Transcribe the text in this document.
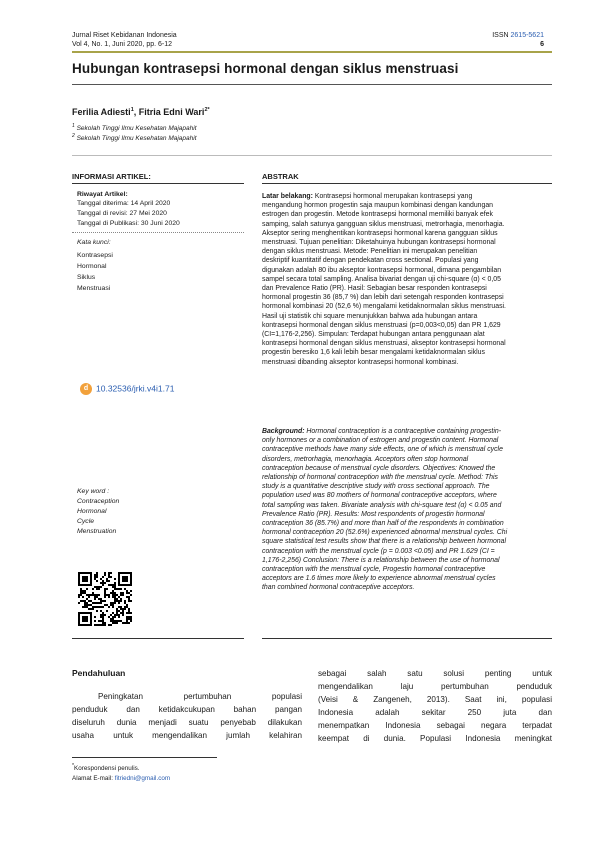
Jurnal Riset Kebidanan Indonesia
Vol 4, No. 1, Juni 2020, pp. 6-12
ISSN 2615-5621
6
Hubungan kontrasepsi hormonal dengan siklus menstruasi
Ferilia Adiesti$^1$, Fitria Edni Wari$^{2*}$
$^1$ Sekolah Tinggi Ilmu Kesehatan Majapahit
$^2$ Sekolah Tinggi Ilmu Kesehatan Majapahit
INFORMASI ARTIKEL:	ABSTRAK
Riwayat Artikel:
Tanggal diterima: 14 April 2020
Tanggal di revisi: 27 Mei 2020
Tanggal di Publikasi: 30 Juni 2020
Kata kunci:
Kontrasepsi
Hormonal
Siklus
Menstruasi
d 10.32536/jrki.v4i1.71
Key word :
Contraception
Hormonal
Cycle
Menstruation
Latar belakang: Kontrasepsi hormonal merupakan kontrasepsi yang
mengandung hormon progestin saja maupun kombinasi dengan kandungan
estrogen dan progestin. Metode kontrasepsi hormonal memiliki banyak efek
samping, salah satunya gangguan siklus menstruasi, metrorhagia, menorhagia.
Akseptor sering menghentikan kontrasepsi hormonal karena gangguan siklus
menstruasi. Tujuan penelitian: Diketahuinya hubungan kontrasepsi hormonal
dengan siklus menstruasi. Metode: Penelitian ini merupakan penelitian
deskriptif kuantitatif dengan pendekatan cross sectional. Populasi yang
digunakan adalah 80 ibu akseptor kontrasepsi hormonal, dimana pengambilan
sampel secara total sampling. Analisa bivariat dengan uji chi-square (α) < 0,05
dan Prevalence Ratio (PR). Hasil: Sebagian besar responden kontrasepsi
hormonal progestin 36 (85,7 %) dan lebih dari setengah responden kontrasepsi
hormonal kombinasi 20 (52,6 %) mengalami ketidaknormalan siklus menstruasi.
Hasil uji statistik chi square menunjukkan bahwa ada hubungan antara
kontrasepsi hormonal dengan siklus menstruasi (p=0,003<0,05) dan PR 1,629
(CI=1,176-2,256). Simpulan: Terdapat hubungan antara penggunaan alat
kontrasepsi hormonal dengan siklus menstruasi, akseptor kontrasepsi hormonal
progestin beresiko 1,6 kali lebih besar mengalami ketidaknormalan siklus
menstruasi dibanding akseptor kontrasepsi hormonal kombinasi.
Background: Hormonal contraception is a contraceptive containing progestin-
only hormones or a combination of estrogen and progestin content. Hormonal
contraceptive methods have many side effects, one of which is menstrual cycle
disorders, metrorhagia, menorhagia. Acceptors often stop hormonal
contraception because of menstrual cycle disorders. Objectives: Knowed the
relationship of hormonal contraception with the menstrual cycle. Method: This
study is a quantitative descriptive study with cross sectional approach. The
population used was 80 mothers of hormonal contraceptive acceptors, where
total sampling was taken. Bivariate analysis with chi-square test (α) < 0.05 and
Prevalence Ratio (PR). Results: Most respondents of progestin hormonal
contraception 36 (85.7%) and more than half of the respondents in combination
hormonal contraception 20 (52.6%) experienced abnormal menstrual cycles. Chi
square statistical test results show that there is a relationship between hormonal
contraception with the menstrual cycle (p = 0.003 <0.05) and PR 1.629 (CI =
1,176-2,256) Conclusion: There is a relationship between the use of hormonal
contraception with the menstrual cycle, Progestin hormonal contraceptive
acceptors are 1.6 times more likely to experience abnormal menstrual cycles
than combined hormonal contraceptive acceptors.
Pendahuluan
Peningkatan pertumbuhan populasi
penduduk dan ketidakcukupan bahan pangan
diseluruh dunia menjadi suatu penyebab dilakukan
usaha untuk mengendalikan jumlah kelahiran
sebagai salah satu solusi penting untuk
mengendalikan laju pertumbuhan penduduk
(Veisi & Zangeneh, 2013). Saat ini, populasi
Indonesia adalah sekitar 250 juta dan
menempatkan Indonesia sebagai negara terpadat
keempat di dunia. Populasi Indonesia meningkat
*Korespondensi penulis.
Alamat E-mail: fitriedni@gmail.com
